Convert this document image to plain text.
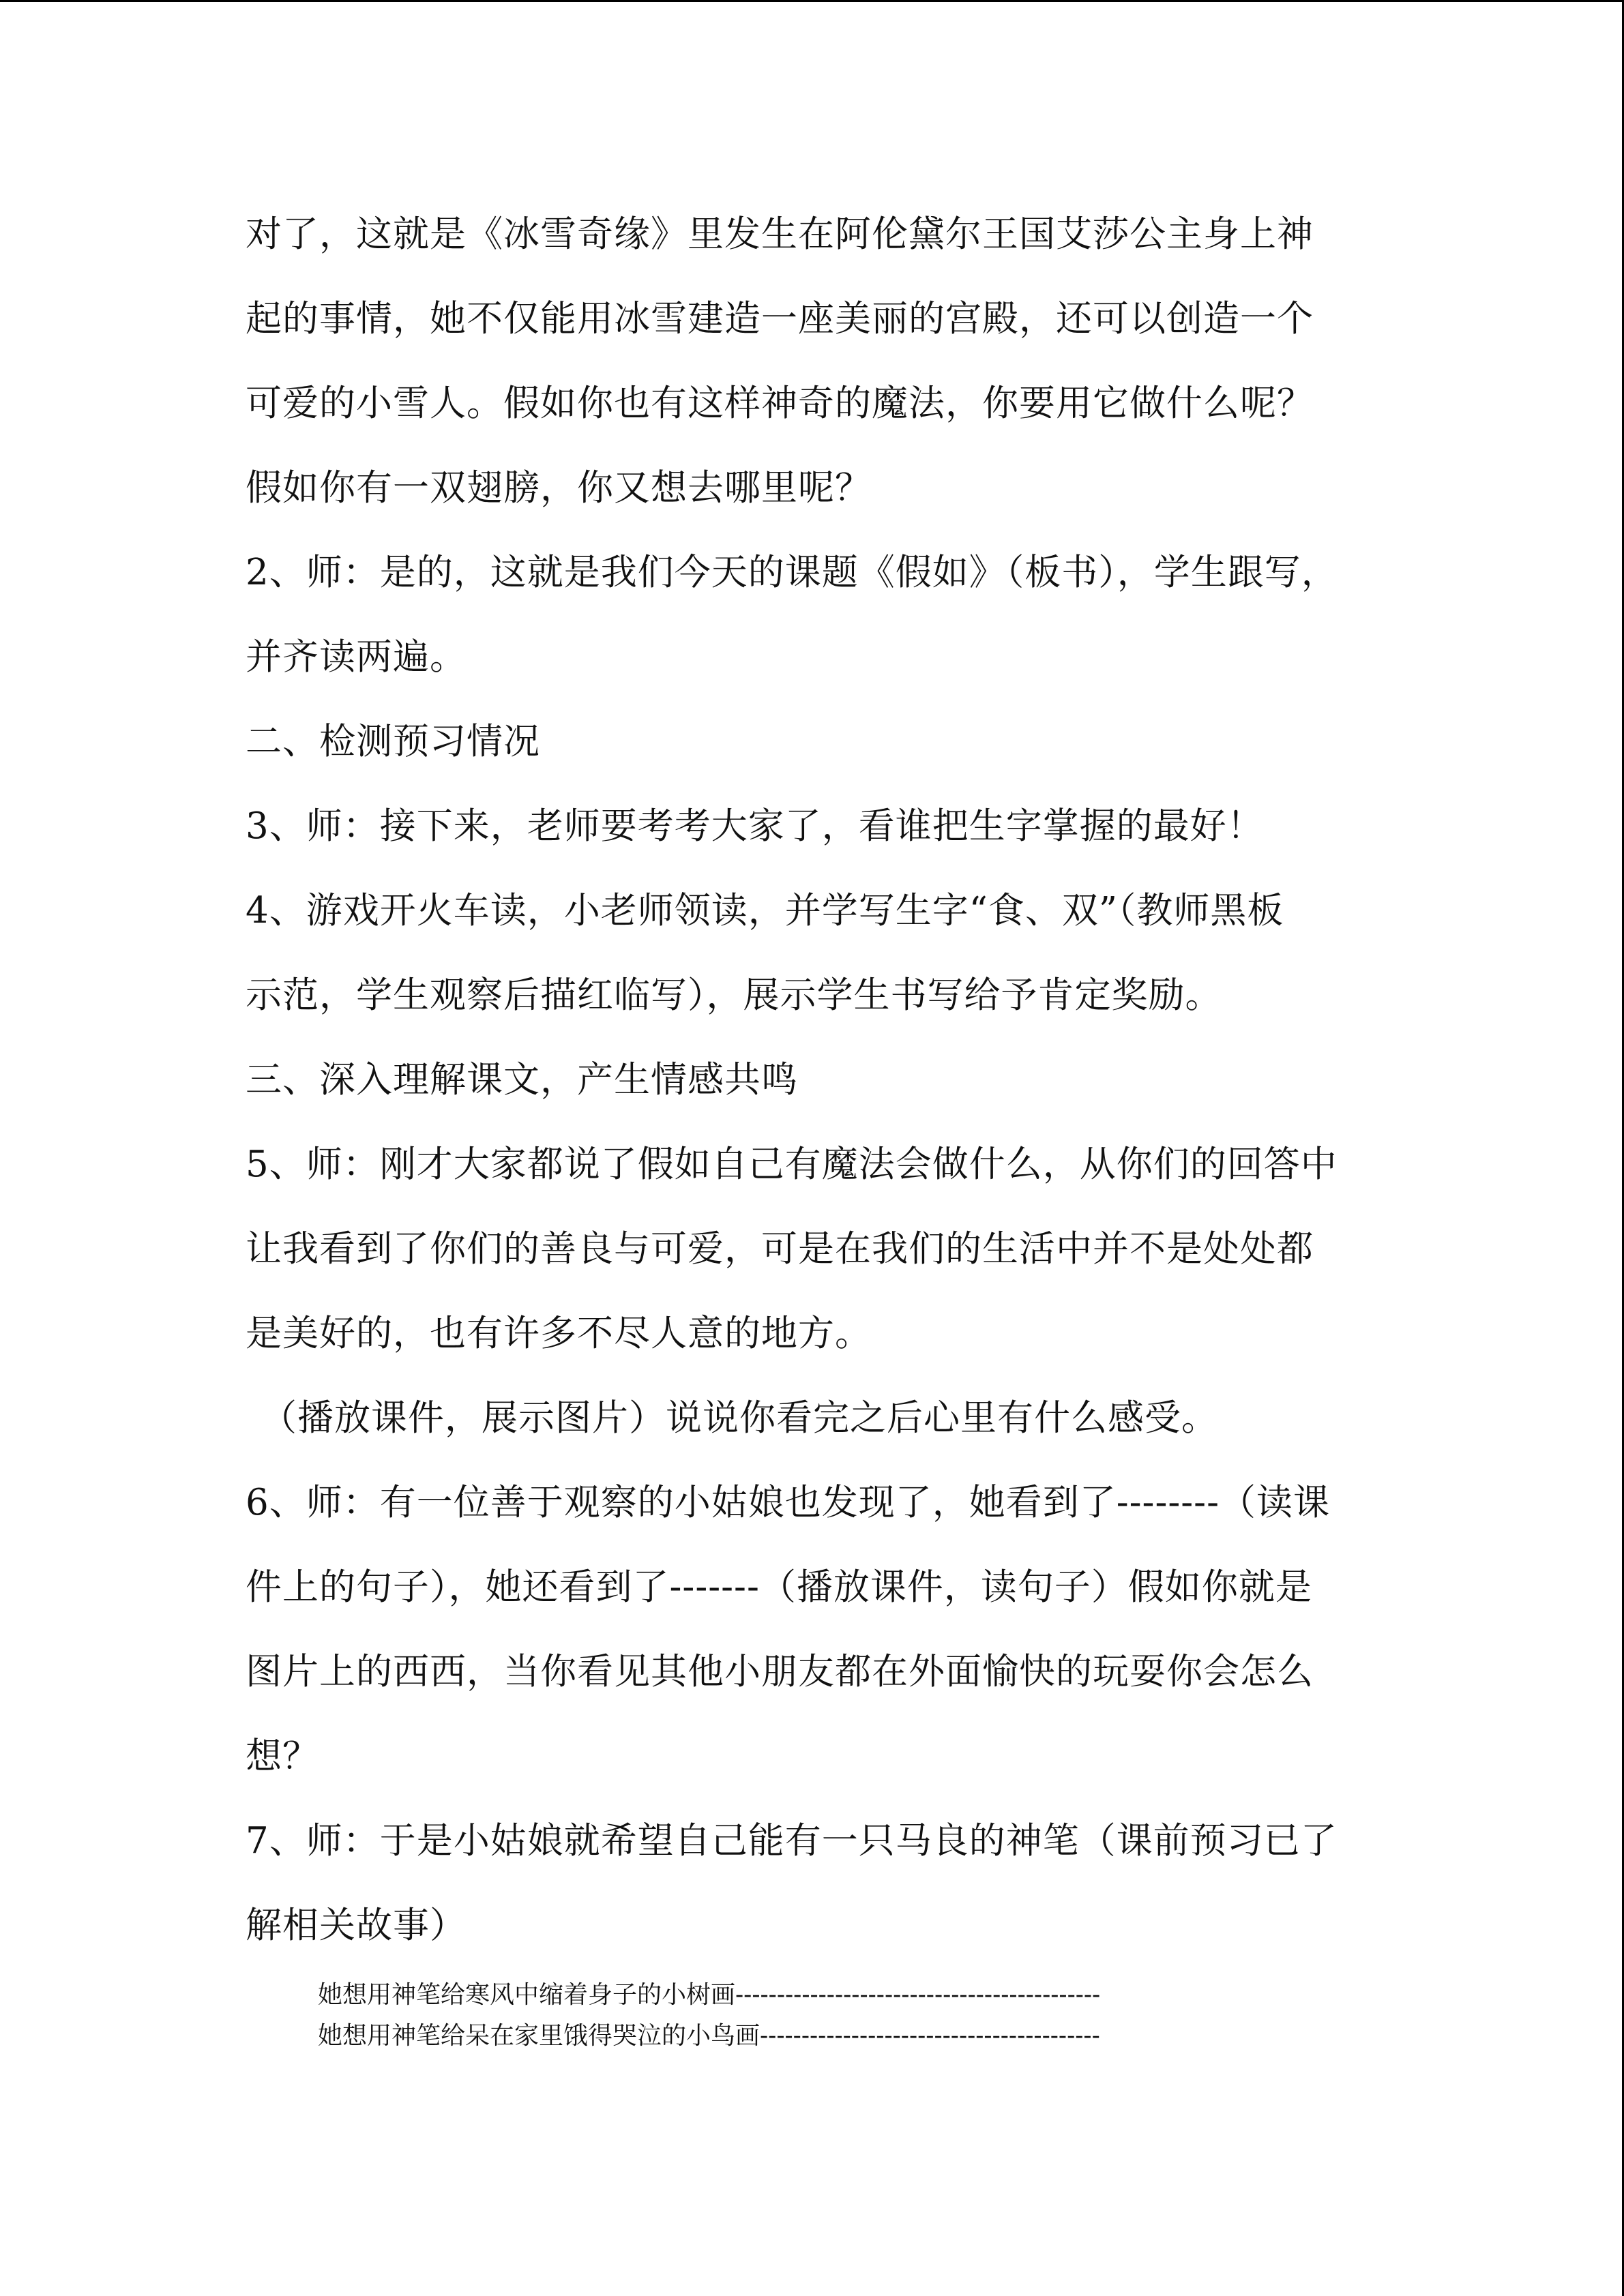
对了，这就是《冰雪奇缘》里发生在阿伦黛尔王国艾莎公主身上神
起的事情，她不仅能用冰雪建造一座美丽的宫殿，还可以创造一个
可爱的小雪人。假如你也有这样神奇的魔法，你要用它做什么呢？
假如你有一双翅膀，你又想去哪里呢？
2、师：是的，这就是我们今天的课题《假如》（板书），学生跟写，
并齐读两遍。
二、检测预习情况
3、师：接下来，老师要考考大家了，看谁把生字掌握的最好！
4、游戏开火车读，小老师领读，并学写生字“食、双”（教师黑板
示范，学生观察后描红临写），展示学生书写给予肯定奖励。
三、深入理解课文，产生情感共鸣
5、师：刚才大家都说了假如自己有魔法会做什么，从你们的回答中
让我看到了你们的善良与可爱，可是在我们的生活中并不是处处都
是美好的，也有许多不尽人意的地方。
（播放课件，展示图片）说说你看完之后心里有什么感受。
6、师：有一位善于观察的小姑娘也发现了，她看到了--------（读课
件上的句子），她还看到了-------（播放课件，读句子）假如你就是
图片上的西西，当你看见其他小朋友都在外面愉快的玩耍你会怎么
想？
7、师：于是小姑娘就希望自己能有一只马良的神笔（课前预习已了
解相关故事）
她想用神笔给寒风中缩着身子的小树画--------------------------------------------
她想用神笔给呆在家里饿得哭泣的小鸟画-----------------------------------------
